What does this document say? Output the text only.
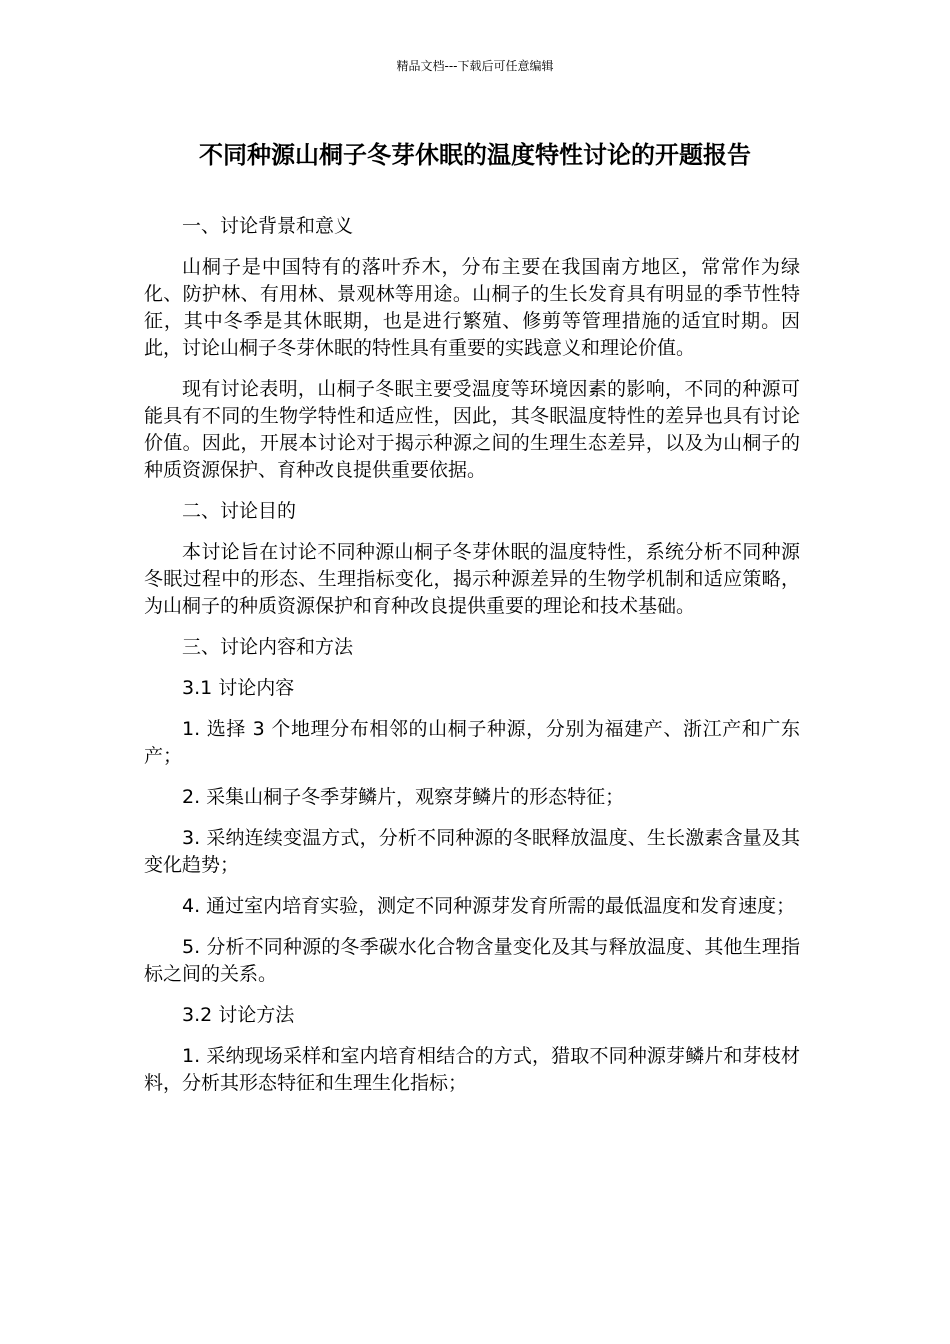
精品文档---下载后可任意编辑
不同种源山桐子冬芽休眠的温度特性讨论的开题报告

一、讨论背景和意义

山桐子是中国特有的落叶乔木，分布主要在我国南方地区，常常作为绿化、防护林、有用林、景观林等用途。山桐子的生长发育具有明显的季节性特征，其中冬季是其休眠期，也是进行繁殖、修剪等管理措施的适宜时期。因此，讨论山桐子冬芽休眠的特性具有重要的实践意义和理论价值。

现有讨论表明，山桐子冬眠主要受温度等环境因素的影响，不同的种源可能具有不同的生物学特性和适应性，因此，其冬眠温度特性的差异也具有讨论价值。因此，开展本讨论对于揭示种源之间的生理生态差异，以及为山桐子的种质资源保护、育种改良提供重要依据。

二、讨论目的

本讨论旨在讨论不同种源山桐子冬芽休眠的温度特性，系统分析不同种源冬眠过程中的形态、生理指标变化，揭示种源差异的生物学机制和适应策略，为山桐子的种质资源保护和育种改良提供重要的理论和技术基础。

三、讨论内容和方法

3.1 讨论内容

1. 选择 3 个地理分布相邻的山桐子种源，分别为福建产、浙江产和广东产；

2. 采集山桐子冬季芽鳞片，观察芽鳞片的形态特征；

3. 采纳连续变温方式，分析不同种源的冬眠释放温度、生长激素含量及其变化趋势；

4. 通过室内培育实验，测定不同种源芽发育所需的最低温度和发育速度；

5. 分析不同种源的冬季碳水化合物含量变化及其与释放温度、其他生理指标之间的关系。

3.2 讨论方法

1. 采纳现场采样和室内培育相结合的方式，猎取不同种源芽鳞片和芽枝材料，分析其形态特征和生理生化指标；
